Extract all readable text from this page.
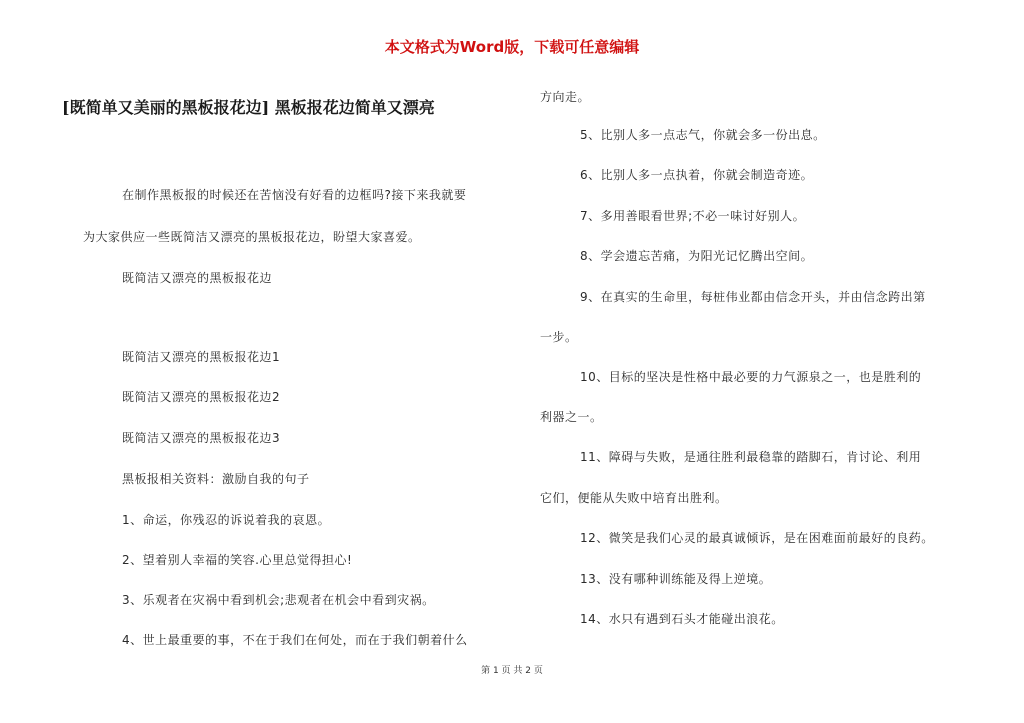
本文格式为Word版，下载可任意编辑
[既简单又美丽的黑板报花边] 黑板报花边简单又漂亮
在制作黑板报的时候还在苦恼没有好看的边框吗?接下来我就要
为大家供应一些既简洁又漂亮的黑板报花边，盼望大家喜爱。
既简洁又漂亮的黑板报花边
既简洁又漂亮的黑板报花边1
既简洁又漂亮的黑板报花边2
既简洁又漂亮的黑板报花边3
黑板报相关资料：激励自我的句子
1、命运，你残忍的诉说着我的哀恩。
2、望着别人幸福的笑容.心里总觉得担心!
3、乐观者在灾祸中看到机会;悲观者在机会中看到灾祸。
4、世上最重要的事，不在于我们在何处，而在于我们朝着什么
方向走。
5、比别人多一点志气，你就会多一份出息。
6、比别人多一点执着，你就会制造奇迹。
7、多用善眼看世界;不必一味讨好别人。
8、学会遗忘苦痛，为阳光记忆腾出空间。
9、在真实的生命里，每桩伟业都由信念开头，并由信念跨出第
一步。
10、目标的坚决是性格中最必要的力气源泉之一，也是胜利的
利器之一。
11、障碍与失败，是通往胜利最稳靠的踏脚石，肯讨论、利用
它们，便能从失败中培育出胜利。
12、微笑是我们心灵的最真诚倾诉，是在困难面前最好的良药。
13、没有哪种训练能及得上逆境。
14、水只有遇到石头才能碰出浪花。
第 1 页 共 2 页
